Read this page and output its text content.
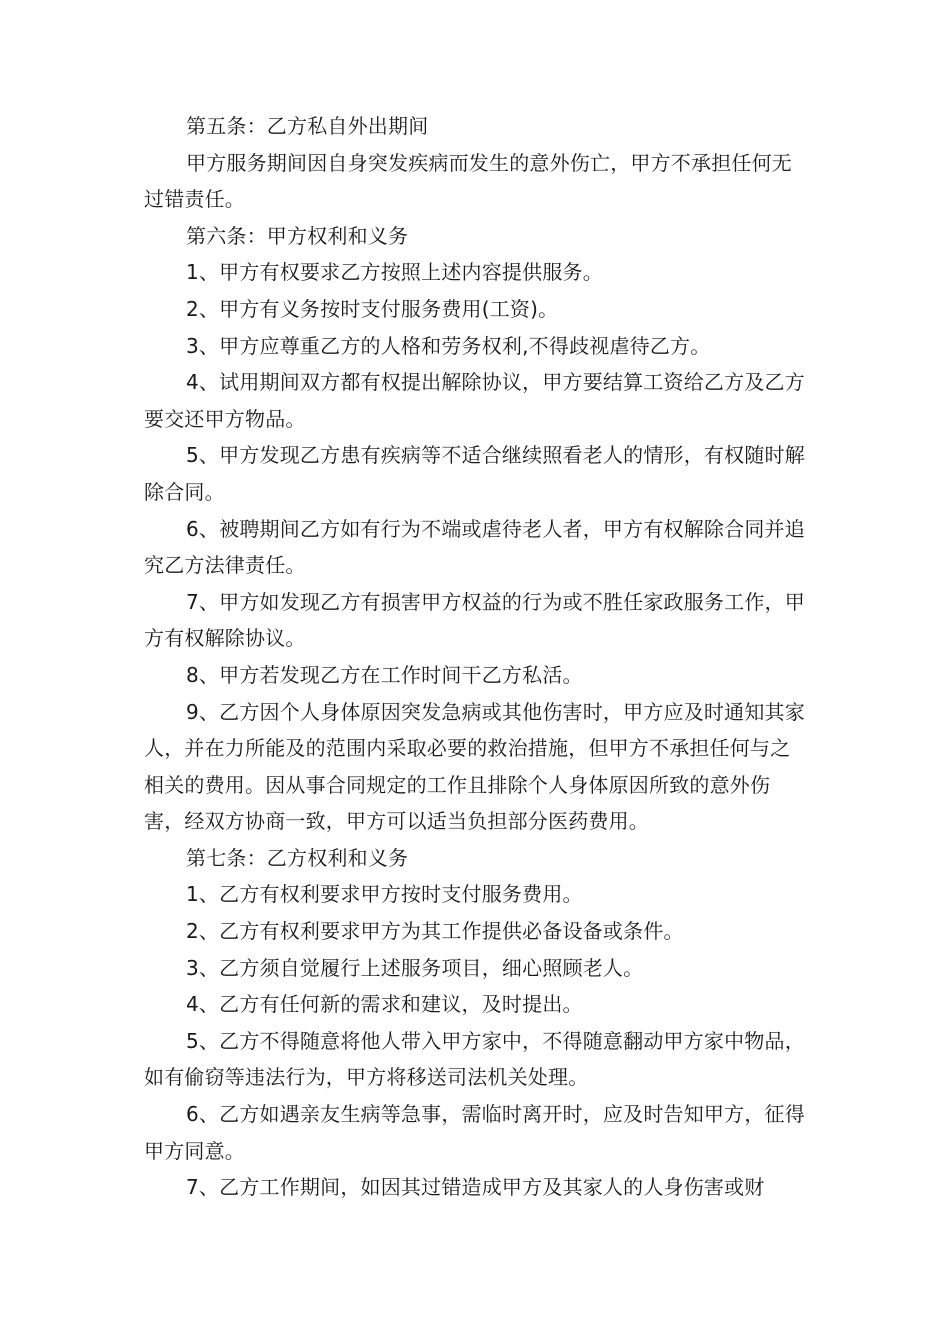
第五条：乙方私自外出期间

甲方服务期间因自身突发疾病而发生的意外伤亡，甲方不承担任何无过错责任。

第六条：甲方权利和义务

1、甲方有权要求乙方按照上述内容提供服务。

2、甲方有义务按时支付服务费用(工资)。

3、甲方应尊重乙方的人格和劳务权利,不得歧视虐待乙方。

4、试用期间双方都有权提出解除协议，甲方要结算工资给乙方及乙方要交还甲方物品。

5、甲方发现乙方患有疾病等不适合继续照看老人的情形，有权随时解除合同。

6、被聘期间乙方如有行为不端或虐待老人者，甲方有权解除合同并追究乙方法律责任。

7、甲方如发现乙方有损害甲方权益的行为或不胜任家政服务工作，甲方有权解除协议。

8、甲方若发现乙方在工作时间干乙方私活。

9、乙方因个人身体原因突发急病或其他伤害时，甲方应及时通知其家人，并在力所能及的范围内采取必要的救治措施，但甲方不承担任何与之相关的费用。因从事合同规定的工作且排除个人身体原因所致的意外伤害，经双方协商一致，甲方可以适当负担部分医药费用。

第七条：乙方权利和义务

1、乙方有权利要求甲方按时支付服务费用。

2、乙方有权利要求甲方为其工作提供必备设备或条件。

3、乙方须自觉履行上述服务项目，细心照顾老人。

4、乙方有任何新的需求和建议，及时提出。

5、乙方不得随意将他人带入甲方家中，不得随意翻动甲方家中物品，如有偷窃等违法行为，甲方将移送司法机关处理。

6、乙方如遇亲友生病等急事，需临时离开时，应及时告知甲方，征得甲方同意。

7、乙方工作期间，如因其过错造成甲方及其家人的人身伤害或财
